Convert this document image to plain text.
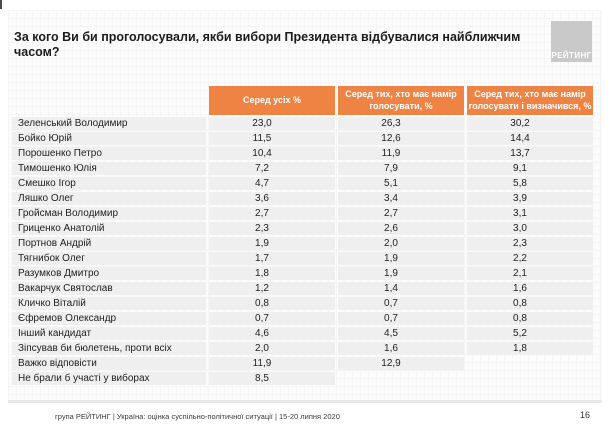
За кого Ви би проголосували, якби вибори Президента відбувалися найближчим часом?	РЕЙТИНГ
	Серед усіх %	Серед тих, хто має намір голосувати, %	Серед тих, хто має намір голосувати і визначився, %
Зеленський Володимир	23,0	26,3	30,2
Бойко Юрій	11,5	12,6	14,4
Порошенко Петро	10,4	11,9	13,7
Тимошенко Юлія	7,2	7,9	9,1
Смешко Ігор	4,7	5,1	5,8
Ляшко Олег	3,6	3,4	3,9
Гройсман Володимир	2,7	2,7	3,1
Гриценко Анатолій	2,3	2,6	3,0
Портнов Андрій	1,9	2,0	2,3
Тягнибок Олег	1,7	1,9	2,2
Разумков Дмитро	1,8	1,9	2,1
Вакарчук Святослав	1,2	1,4	1,6
Кличко Віталій	0,8	0,7	0,8
Єфремов Олександр	0,7	0,7	0,8
Інший кандидат	4,6	4,5	5,2
Зіпсував би бюлетень, проти всіх	2,0	1,6	1,8
Важко відповісти	11,9	12,9	
Не брали б участі у виборах	8,5		
група РЕЙТИНГ | Україна: оцінка суспільно-політичної ситуації | 15-20 липня 2020	16
